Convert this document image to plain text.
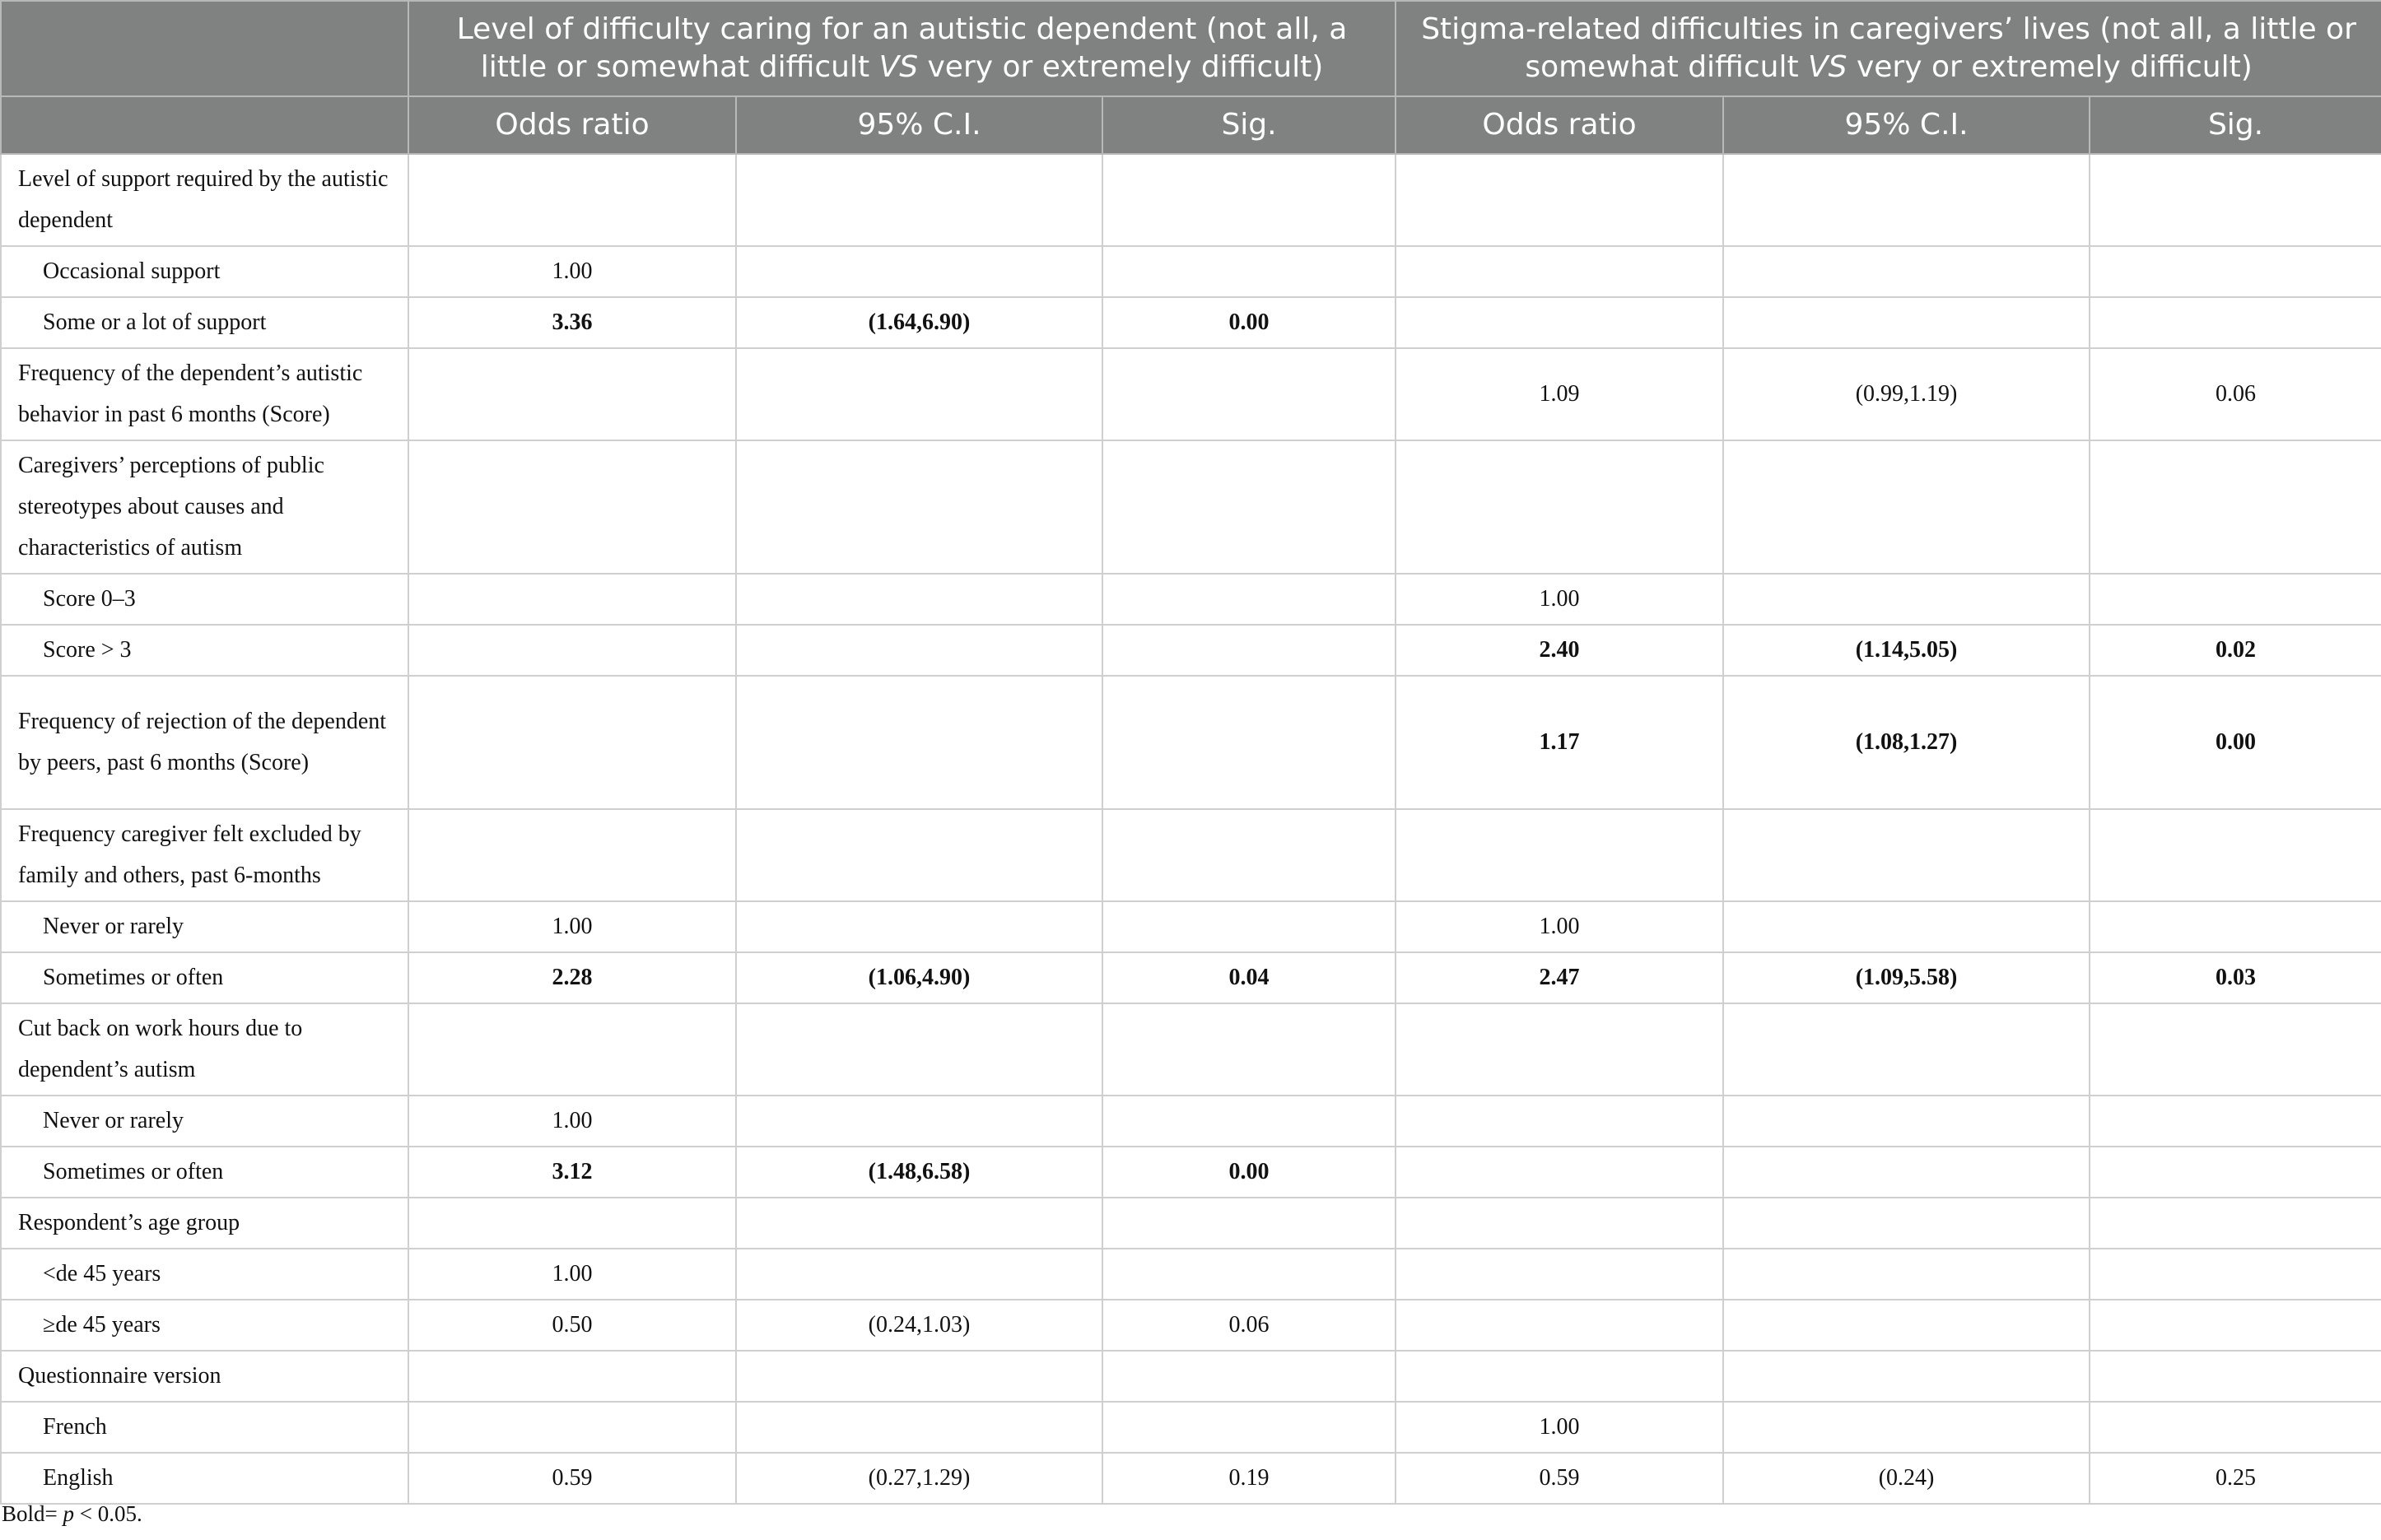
	Level of difficulty caring for an autistic dependent (not all, a little or somewhat difficult VS very or extremely difficult)			Stigma-related difficulties in caregivers’ lives (not all, a little or somewhat difficult VS very or extremely difficult)		
	Odds ratio	95% C.I.	Sig.	Odds ratio	95% C.I.	Sig.
Level of support required by the autistic dependent						
Occasional support	1.00					
Some or a lot of support	3.36	(1.64,6.90)	0.00			
Frequency of the dependent’s autistic behavior in past 6 months (Score)				1.09	(0.99,1.19)	0.06
Caregivers’ perceptions of public stereotypes about causes and characteristics of autism						
Score 0–3				1.00		
Score > 3				2.40	(1.14,5.05)	0.02
Frequency of rejection of the dependent by peers, past 6 months (Score)				1.17	(1.08,1.27)	0.00
Frequency caregiver felt excluded by family and others, past 6-months						
Never or rarely	1.00			1.00		
Sometimes or often	2.28	(1.06,4.90)	0.04	2.47	(1.09,5.58)	0.03
Cut back on work hours due to dependent’s autism						
Never or rarely	1.00					
Sometimes or often	3.12	(1.48,6.58)	0.00			
Respondent’s age group						
<de 45 years	1.00					
≥de 45 years	0.50	(0.24,1.03)	0.06			
Questionnaire version						
French				1.00		
English	0.59	(0.27,1.29)	0.19	0.59	(0.24)	0.25
Bold= p < 0.05.
